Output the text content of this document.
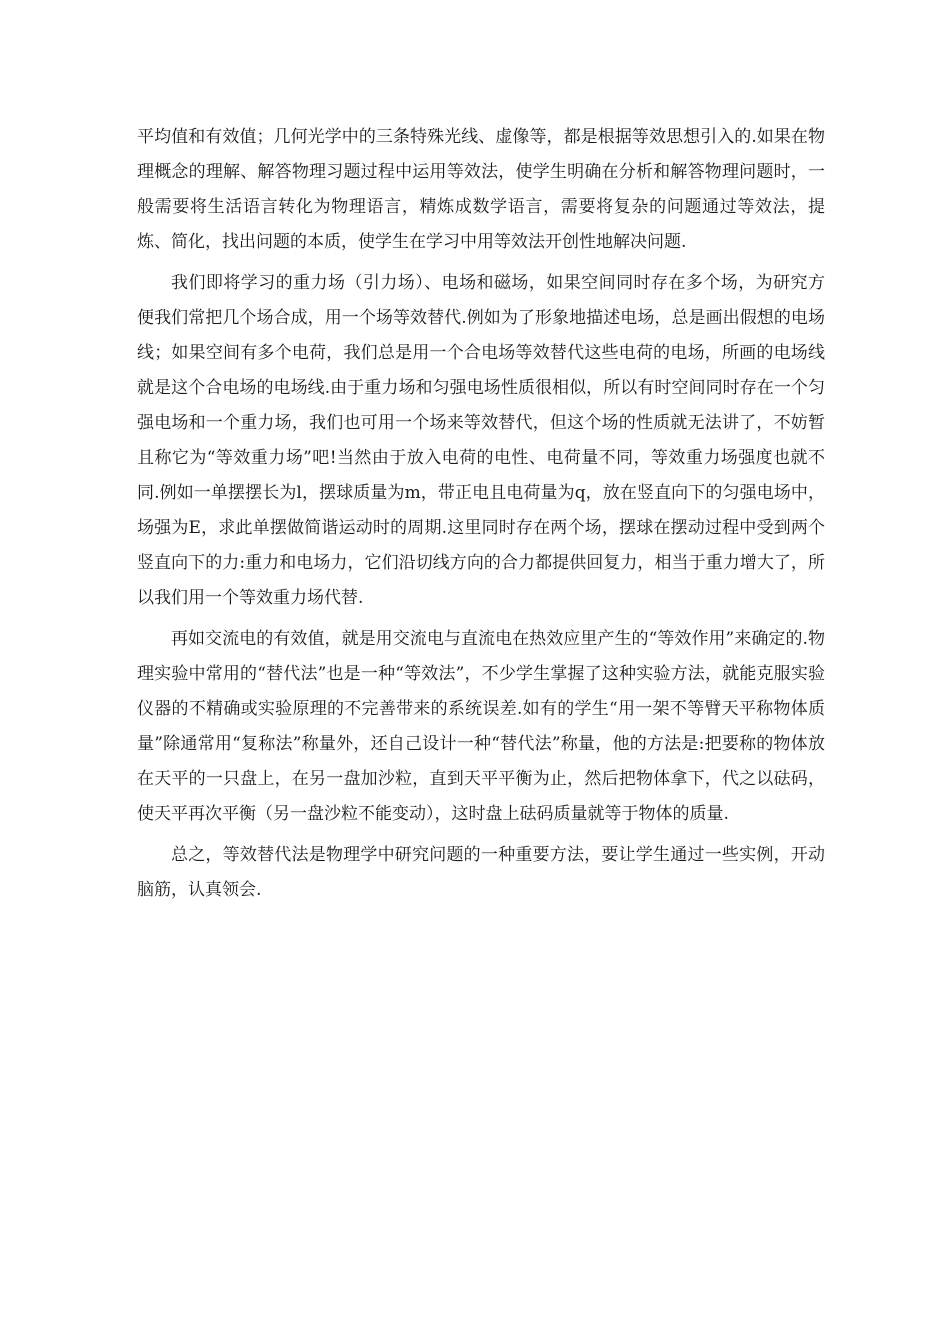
平均值和有效值；几何光学中的三条特殊光线、虚像等，都是根据等效思想引入的.如果在物理概念的理解、解答物理习题过程中运用等效法，使学生明确在分析和解答物理问题时，一般需要将生活语言转化为物理语言，精炼成数学语言，需要将复杂的问题通过等效法，提炼、简化，找出问题的本质，使学生在学习中用等效法开创性地解决问题.

我们即将学习的重力场（引力场）、电场和磁场，如果空间同时存在多个场，为研究方便我们常把几个场合成，用一个场等效替代.例如为了形象地描述电场，总是画出假想的电场线；如果空间有多个电荷，我们总是用一个合电场等效替代这些电荷的电场，所画的电场线就是这个合电场的电场线.由于重力场和匀强电场性质很相似，所以有时空间同时存在一个匀强电场和一个重力场，我们也可用一个场来等效替代，但这个场的性质就无法讲了，不妨暂且称它为“等效重力场”吧!当然由于放入电荷的电性、电荷量不同，等效重力场强度也就不同.例如一单摆摆长为l，摆球质量为m，带正电且电荷量为q，放在竖直向下的匀强电场中，场强为E，求此单摆做简谐运动时的周期.这里同时存在两个场，摆球在摆动过程中受到两个竖直向下的力:重力和电场力，它们沿切线方向的合力都提供回复力，相当于重力增大了，所以我们用一个等效重力场代替.

再如交流电的有效值，就是用交流电与直流电在热效应里产生的“等效作用”来确定的.物理实验中常用的“替代法”也是一种“等效法”，不少学生掌握了这种实验方法，就能克服实验仪器的不精确或实验原理的不完善带来的系统误差.如有的学生“用一架不等臂天平称物体质量”除通常用“复称法”称量外，还自己设计一种“替代法”称量，他的方法是:把要称的物体放在天平的一只盘上，在另一盘加沙粒，直到天平平衡为止，然后把物体拿下，代之以砝码，使天平再次平衡（另一盘沙粒不能变动），这时盘上砝码质量就等于物体的质量.

总之，等效替代法是物理学中研究问题的一种重要方法，要让学生通过一些实例，开动脑筋，认真领会.
